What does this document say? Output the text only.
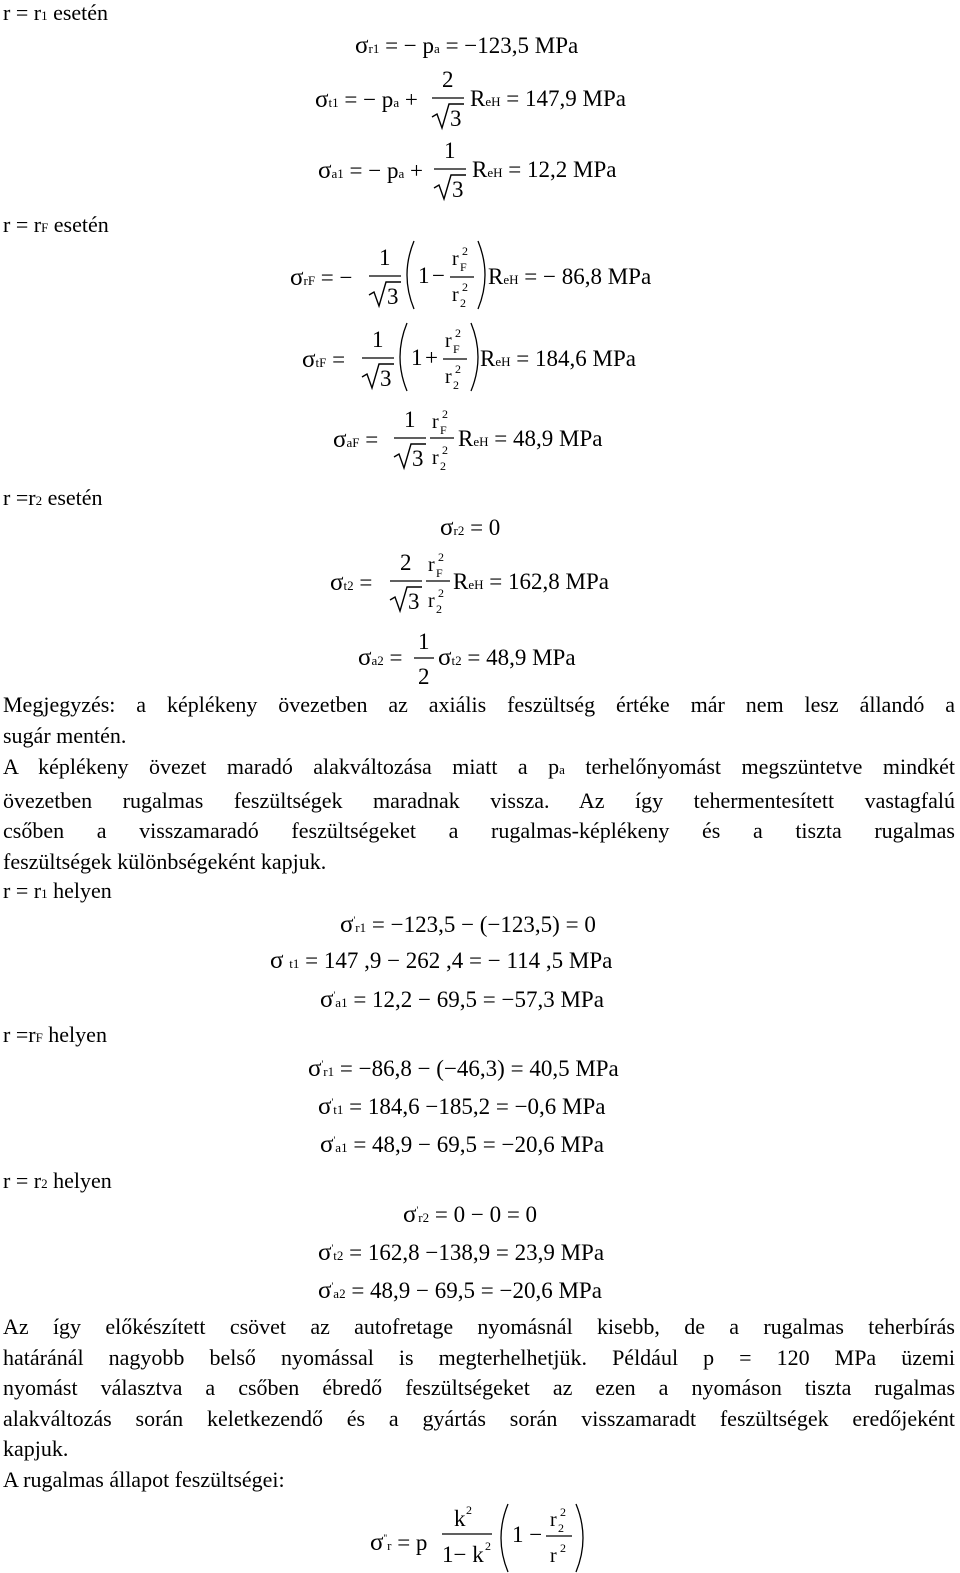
r = r1 esetén
r = rF esetén
r =r2 esetén
σr1 = − pa = −123,5 MPa
σt1 = − pa +
2
3
ReH = 147,9 MPa
σa1 = − pa +
1
3
ReH = 12,2 MPa
σrF = −
1
3
1 −
r F
2
r 2
2 ReH = − 86,8 MPa
σtF =
1
3
1 +
r F
2
r 2
2 ReH = 184,6 MPa
σaF =
1
3
r F
2
r 2
2 ReH = 48,9 MPa
σr2 = 0
σt2 =
2
3
r F
2
r 2
2 ReH = 162,8 MPa
σa2 =
1
2
σt2 = 48,9 MPa
Megjegyzés: a képlékeny övezetben az axiális feszültség értéke már nem lesz állandó a
sugár mentén.
A képlékeny övezet maradó alakváltozása miatt a pa terhelőnyomást megszüntetve mindkét
övezetben rugalmas feszültségek maradnak vissza. Az így tehermentesített vastagfalú
csőben a visszamaradó feszültségeket a rugalmas-képlékeny és a tiszta rugalmas
feszültségek különbségeként kapjuk.
r = r1 helyen
σ'r1 = −123,5 − (−123,5) = 0
σ t1 = 147 ,9 − 262 ,4 = − 114 ,5 MPa
σ'a1 = 12,2 − 69,5 = −57,3 MPa
r =rF helyen
σ'r1 = −86,8 − (−46,3) = 40,5 MPa
σ't1 = 184,6 −185,2 = −0,6 MPa
σ'a1 = 48,9 − 69,5 = −20,6 MPa
r = r2 helyen
σ'r2 = 0 − 0 = 0
σ't2 = 162,8 −138,9 = 23,9 MPa
σ'a2 = 48,9 − 69,5 = −20,6 MPa
Az így előkészített csövet az autofretage nyomásnál kisebb, de a rugalmas teherbírás
határánál nagyobb belső nyomással is megterhelhetjük. Például p = 120 MPa üzemi
nyomást választva a csőben ébredő feszültségeket az ezen a nyomáson tiszta rugalmas
alakváltozás során keletkezendő és a gyártás során visszamaradt feszültségek eredőjeként
kapjuk.
A rugalmas állapot feszültségei:
σ''r = p
k 2
1− k 2 1 −
r 2
2
r 2
